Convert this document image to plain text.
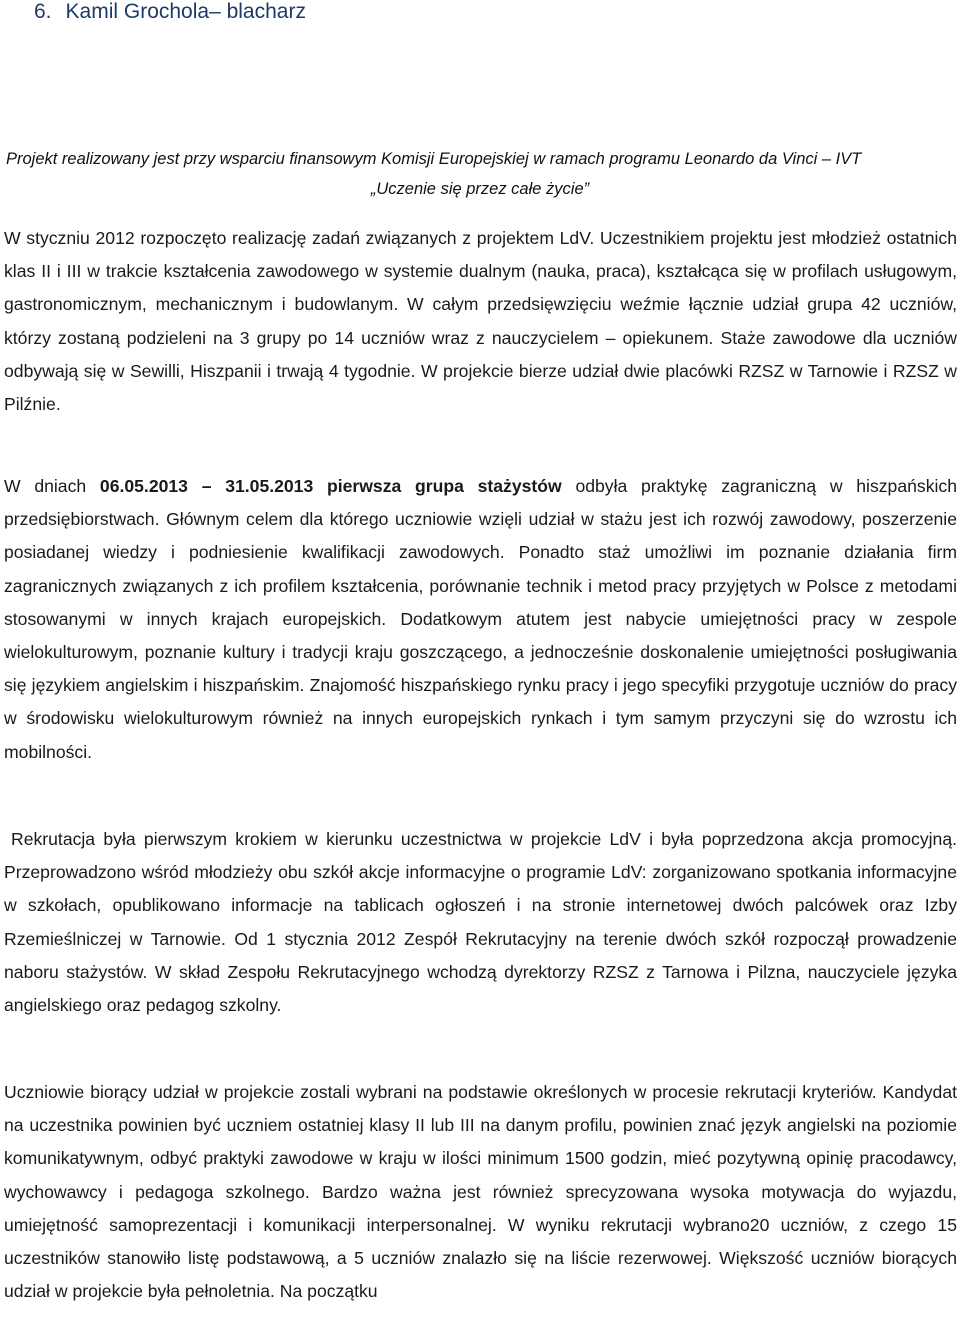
6. Kamil Grochola– blacharz
Projekt realizowany jest przy wsparciu finansowym Komisji Europejskiej w ramach programu Leonardo da Vinci – IVT
„Uczenie się przez całe życie”
W styczniu 2012 rozpoczęto realizację zadań związanych z projektem LdV. Uczestnikiem projektu jest młodzież ostatnich klas II i III w trakcie kształcenia zawodowego w systemie dualnym (nauka, praca), kształcąca się w profilach usługowym, gastronomicznym, mechanicznym i budowlanym. W całym przedsięwzięciu weźmie łącznie udział grupa 42 uczniów, którzy zostaną podzieleni na 3 grupy po 14 uczniów wraz z nauczycielem – opiekunem. Staże zawodowe dla uczniów odbywają się w Sewilli, Hiszpanii i trwają 4 tygodnie. W projekcie bierze udział dwie placówki RZSZ w Tarnowie i RZSZ w Pilźnie.
W dniach 06.05.2013 – 31.05.2013 pierwsza grupa stażystów odbyła praktykę zagraniczną w hiszpańskich przedsiębiorstwach. Głównym celem dla którego uczniowie wzięli udział w stażu jest ich rozwój zawodowy, poszerzenie posiadanej wiedzy i podniesienie kwalifikacji zawodowych. Ponadto staż umożliwi im poznanie działania firm zagranicznych związanych z ich profilem kształcenia, porównanie technik i metod pracy przyjętych w Polsce z metodami stosowanymi w innych krajach europejskich. Dodatkowym atutem jest nabycie umiejętności pracy w zespole wielokulturowym, poznanie kultury i tradycji kraju goszczącego, a jednocześnie doskonalenie umiejętności posługiwania się językiem angielskim i hiszpańskim. Znajomość hiszpańskiego rynku pracy i jego specyfiki przygotuje uczniów do pracy w środowisku wielokulturowym również na innych europejskich rynkach i tym samym przyczyni się do wzrostu ich mobilności.
Rekrutacja była pierwszym krokiem w kierunku uczestnictwa w projekcie LdV i była poprzedzona akcja promocyjną. Przeprowadzono wśród młodzieży obu szkół akcje informacyjne o programie LdV: zorganizowano spotkania informacyjne w szkołach, opublikowano informacje na tablicach ogłoszeń i na stronie internetowej dwóch palcówek oraz Izby Rzemieślniczej w Tarnowie. Od 1 stycznia 2012 Zespół Rekrutacyjny na terenie dwóch szkół rozpoczął prowadzenie naboru stażystów. W skład Zespołu Rekrutacyjnego wchodzą dyrektorzy RZSZ z Tarnowa i Pilzna, nauczyciele języka angielskiego oraz pedagog szkolny.
Uczniowie biorący udział w projekcie zostali wybrani na podstawie określonych w procesie rekrutacji kryteriów. Kandydat na uczestnika powinien być uczniem ostatniej klasy II lub III na danym profilu, powinien znać język angielski na poziomie komunikatywnym, odbyć praktyki zawodowe w kraju w ilości minimum 1500 godzin, mieć pozytywną opinię pracodawcy, wychowawcy i pedagoga szkolnego. Bardzo ważna jest również sprecyzowana wysoka motywacja do wyjazdu, umiejętność samoprezentacji i komunikacji interpersonalnej. W wyniku rekrutacji wybrano20 uczniów, z czego 15 uczestników stanowiło listę podstawową, a 5 uczniów znalazło się na liście rezerwowej. Większość uczniów biorących udział w projekcie była pełnoletnia. Na początku
